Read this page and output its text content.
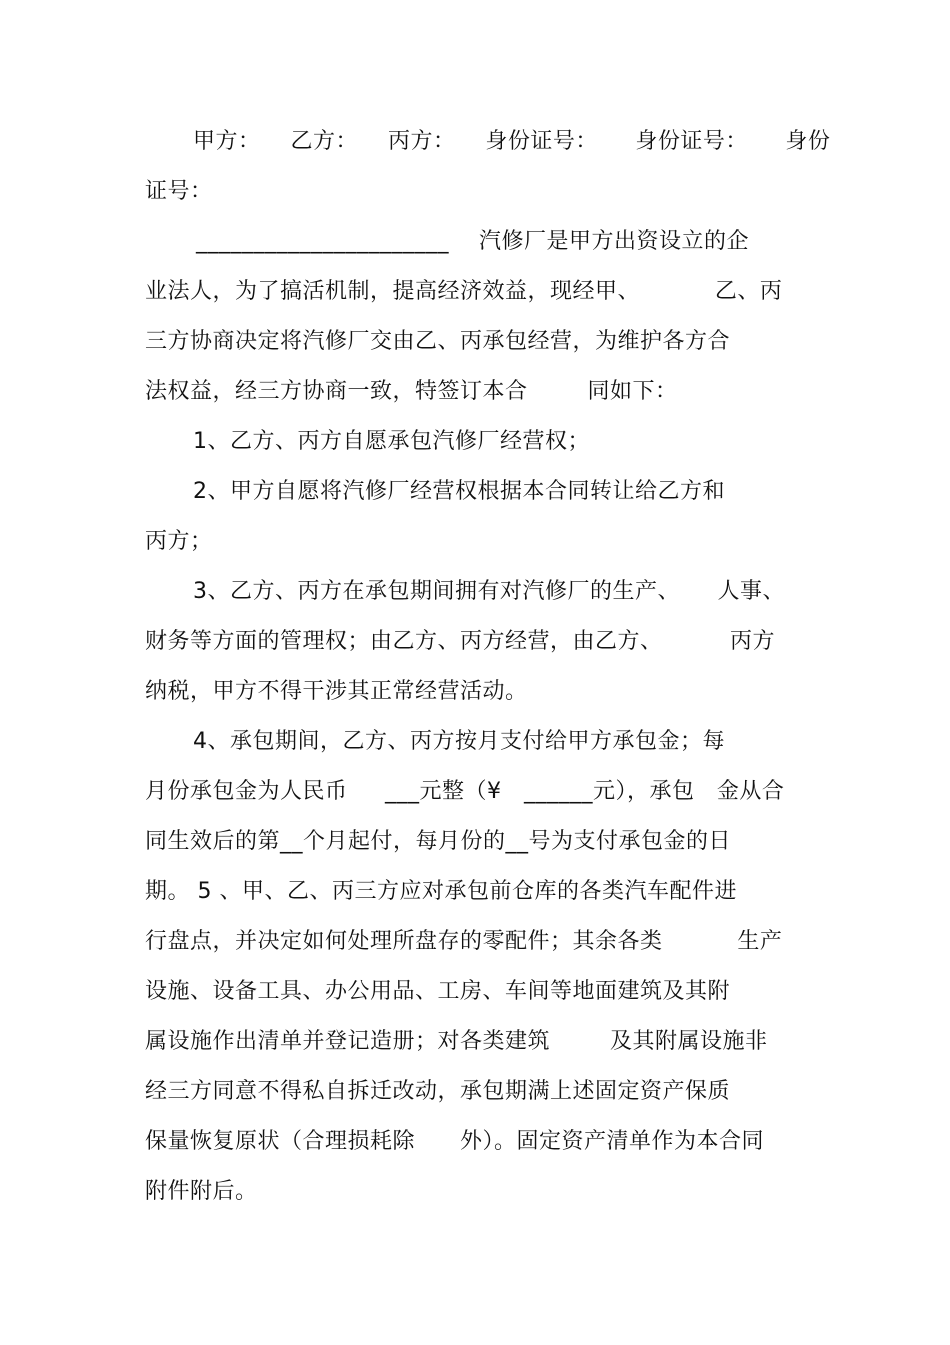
甲方：    乙方：    丙方：    身份证号：     身份证号：     身份
证号：
______________________    汽修厂是甲方出资设立的企
业法人，为了搞活机制，提高经济效益，现经甲、          乙、丙
三方协商决定将汽修厂交由乙、丙承包经营，为维护各方合
法权益，经三方协商一致，特签订本合        同如下：
1、乙方、丙方自愿承包汽修厂经营权；
2、甲方自愿将汽修厂经营权根据本合同转让给乙方和
丙方；
3、乙方、丙方在承包期间拥有对汽修厂的生产、     人事、
财务等方面的管理权；由乙方、丙方经营，由乙方、         丙方
纳税，甲方不得干涉其正常经营活动。
4、承包期间，乙方、丙方按月支付给甲方承包金；每
月份承包金为人民币     ___元整（¥   ______元），承包   金从合
同生效后的第__个月起付，每月份的__号为支付承包金的日
期。 5 、甲、乙、丙三方应对承包前仓库的各类汽车配件进
行盘点，并决定如何处理所盘存的零配件；其余各类          生产
设施、设备工具、办公用品、工房、车间等地面建筑及其附
属设施作出清单并登记造册；对各类建筑        及其附属设施非
经三方同意不得私自拆迁改动，承包期满上述固定资产保质
保量恢复原状（合理损耗除      外）。固定资产清单作为本合同
附件附后。
